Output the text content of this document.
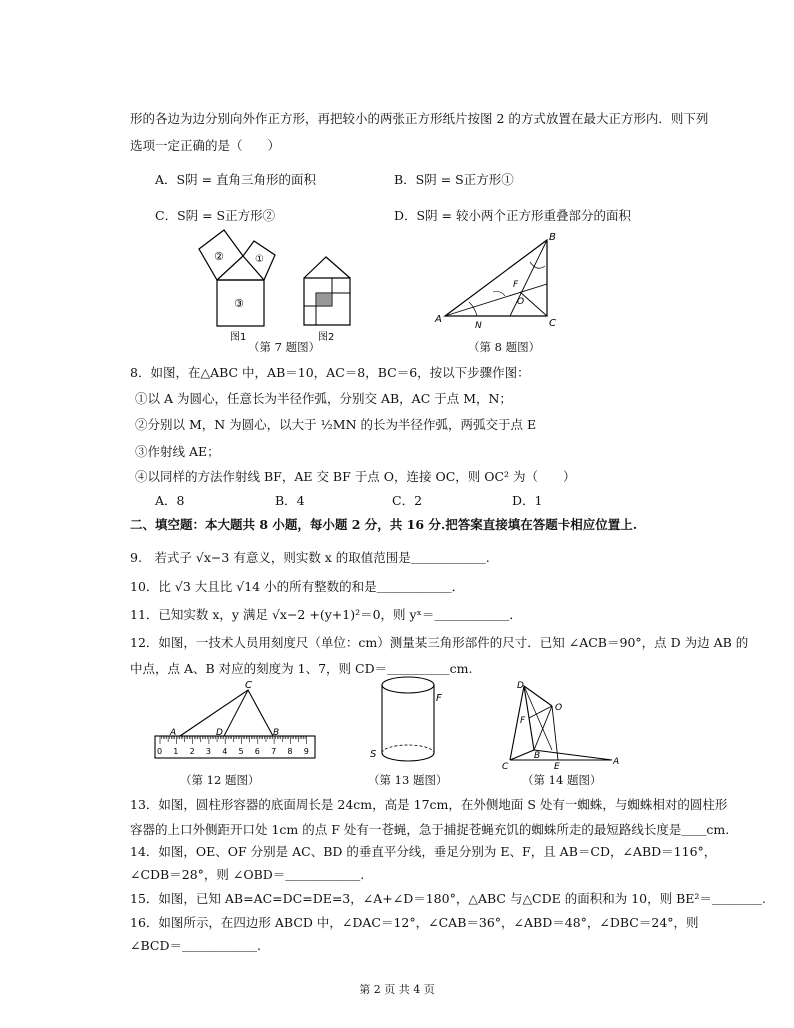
形的各边为边分别向外作正方形，再把较小的两张正方形纸片按图 2 的方式放置在最大正方形内．则下列
选项一定正确的是（　　）
A．S阴 = 直角三角形的面积	B．S阴 = S正方形①
C．S阴 = S正方形②	D．S阴 = 较小两个正方形重叠部分的面积
③
②	①
图1	图2
（第 7 题图）
A
B
C
N
F
O
（第 8 题图）
8．如图，在△ABC 中，AB＝10，AC＝8，BC＝6，按以下步骤作图：
①以 A 为圆心，任意长为半径作弧，分别交 AB，AC 于点 M，N；
②分别以 M，N 为圆心，以大于 ½MN 的长为半径作弧，两弧交于点 E
③作射线 AE；
④以同样的方法作射线 BF，AE 交 BF 于点 O，连接 OC，则 OC² 为（　　）
A．8	B．4	C．2	D．1
二、填空题：本大题共 8 小题，每小题 2 分，共 16 分.把答案直接填在答题卡相应位置上.
9.　若式子 √x−3 有意义，则实数 x 的取值范围是＿＿＿＿＿＿.
10．比 √3 大且比 √14 小的所有整数的和是＿＿＿＿＿＿．
11．已知实数 x，y 满足 √x−2 +(y+1)²＝0，则 yˣ＝＿＿＿＿＿＿．
12．如图，一技术人员用刻度尺（单位：cm）测量某三角形部件的尺寸．已知 ∠ACB＝90°，点 D 为边 AB 的
中点，点 A、B 对应的刻度为 1、7，则 CD＝＿＿＿＿＿cm.
0 1 2 3 4 5 6 7 8 9
C
A	D	B
（第 12 题图）
F
S
（第 13 题图）
D
O
F
B
C	E	A
（第 14 题图）
13．如图，圆柱形容器的底面周长是 24cm，高是 17cm，在外侧地面 S 处有一蜘蛛，与蜘蛛相对的圆柱形
容器的上口外侧距开口处 1cm 的点 F 处有一苍蝇，急于捕捉苍蝇充饥的蜘蛛所走的最短路线长度是＿＿cm.
14．如图，OE、OF 分别是 AC、BD 的垂直平分线，垂足分别为 E、F，且 AB＝CD，∠ABD＝116°，
∠CDB＝28°，则 ∠OBD＝＿＿＿＿＿＿.
15．如图，已知 AB=AC=DC=DE=3，∠A+∠D＝180°，△ABC 与△CDE 的面积和为 10，则 BE²＝＿＿＿＿.
16．如图所示，在四边形 ABCD 中，∠DAC＝12°，∠CAB＝36°，∠ABD＝48°，∠DBC＝24°，则
∠BCD＝＿＿＿＿＿＿.
第 2 页 共 4 页
